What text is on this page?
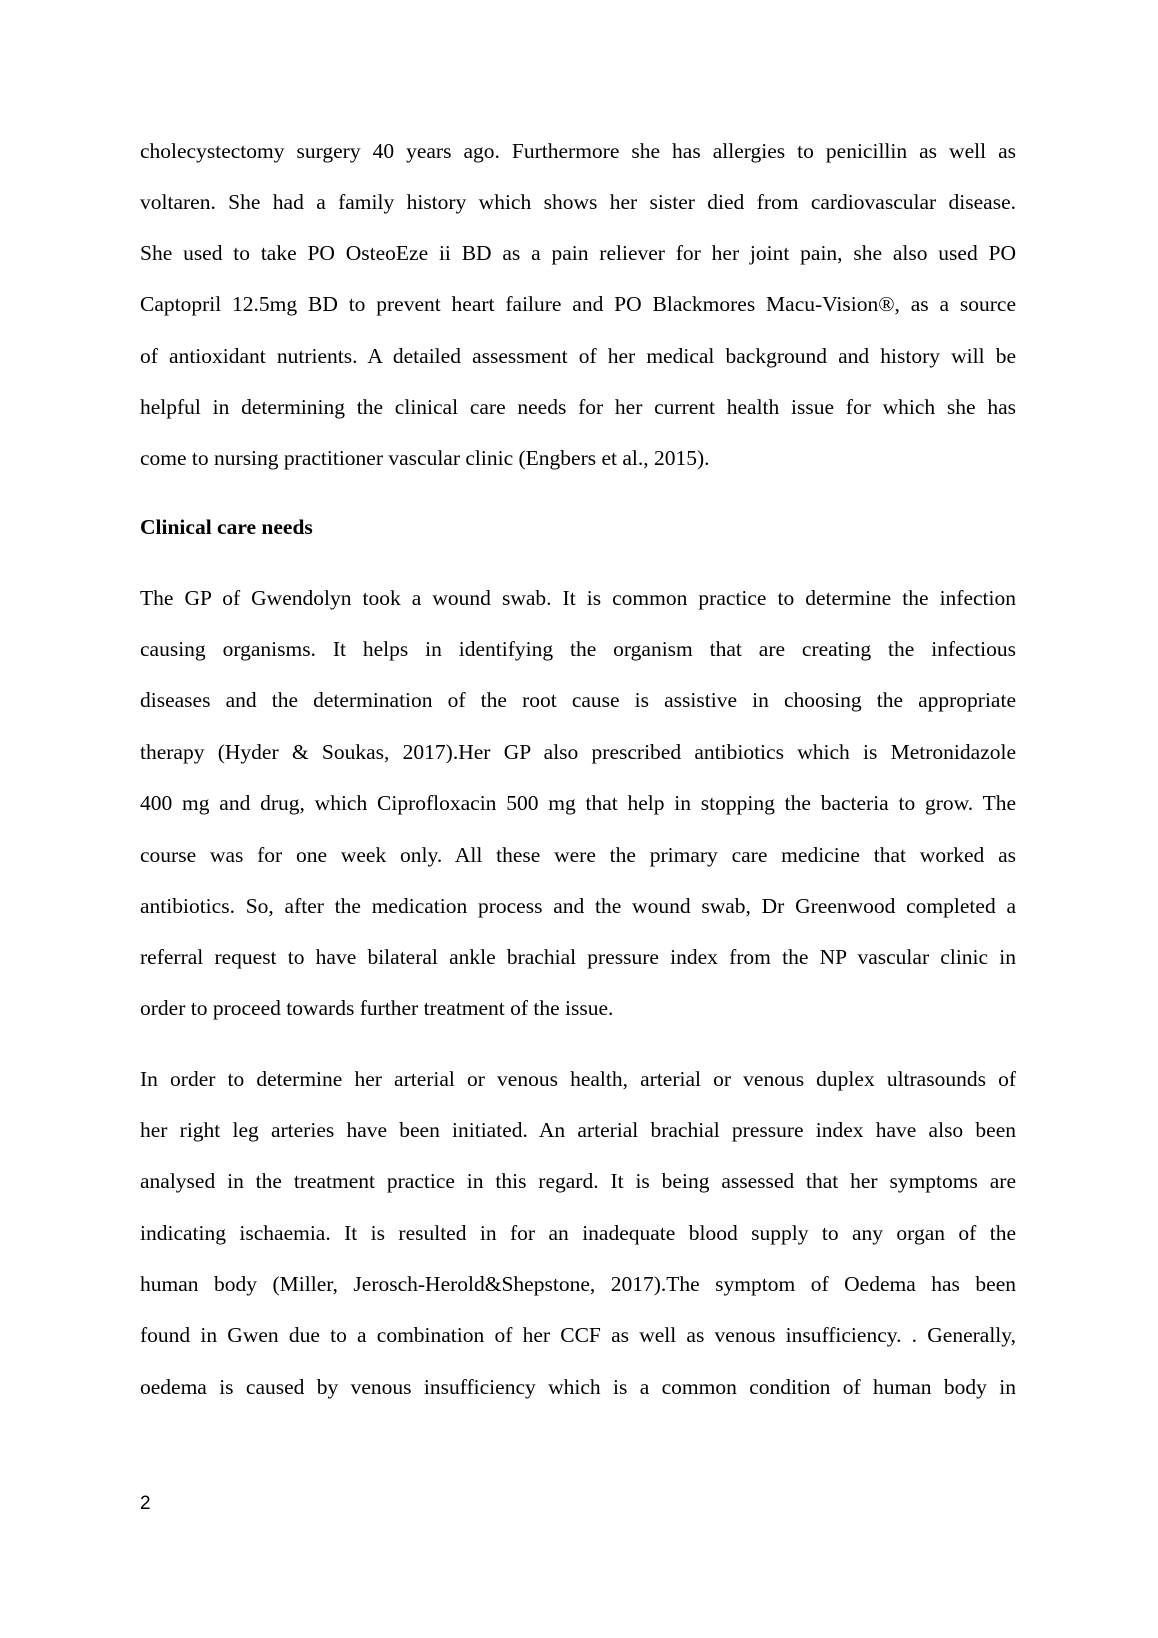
cholecystectomy surgery 40 years ago. Furthermore she has allergies to penicillin as well as
voltaren. She had a family history which shows her sister died from cardiovascular disease.
She used to take PO OsteoEze ii BD as a pain reliever for her joint pain, she also used PO
Captopril 12.5mg BD to prevent heart failure and PO Blackmores Macu-Vision®, as a source
of antioxidant nutrients. A detailed assessment of her medical background and history will be
helpful in determining the clinical care needs for her current health issue for which she has
come to nursing practitioner vascular clinic (Engbers et al., 2015).
Clinical care needs
The GP of Gwendolyn took a wound swab. It is common practice to determine the infection
causing organisms. It helps in identifying the organism that are creating the infectious
diseases and the determination of the root cause is assistive in choosing the appropriate
therapy (Hyder & Soukas, 2017).Her GP also prescribed antibiotics which is Metronidazole
400 mg and drug, which Ciprofloxacin 500 mg that help in stopping the bacteria to grow. The
course was for one week only. All these were the primary care medicine that worked as
antibiotics. So, after the medication process and the wound swab, Dr Greenwood completed a
referral request to have bilateral ankle brachial pressure index from the NP vascular clinic in
order to proceed towards further treatment of the issue.
In order to determine her arterial or venous health, arterial or venous duplex ultrasounds of
her right leg arteries have been initiated. An arterial brachial pressure index have also been
analysed in the treatment practice in this regard. It is being assessed that her symptoms are
indicating ischaemia. It is resulted in for an inadequate blood supply to any organ of the
human body (Miller, Jerosch-Herold&Shepstone, 2017).The symptom of Oedema has been
found in Gwen due to a combination of her CCF as well as venous insufficiency. . Generally,
oedema is caused by venous insufficiency which is a common condition of human body in
2
